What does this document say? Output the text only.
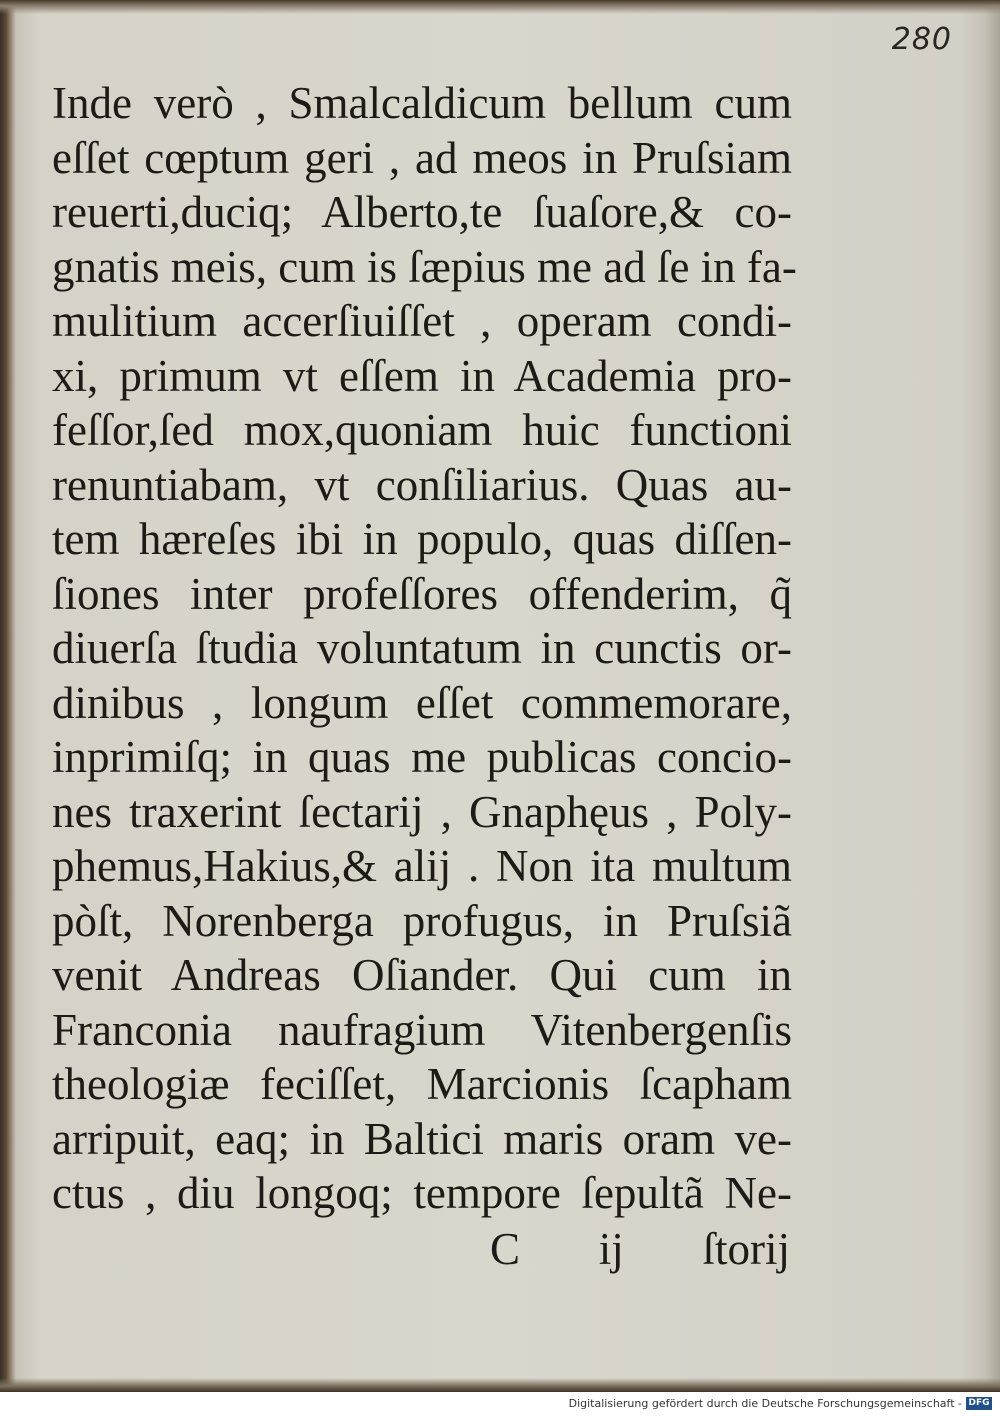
280
Inde verò , Smalcaldicum bellum cum
eſſet cœptum geri , ad meos in Pruſsiam
reuerti,duciq; Alberto,te ſuaſore,& co-
gnatis meis, cum is ſæpius me ad ſe in fa-
mulitium accerſiuiſſet , operam condi-
xi, primum vt eſſem in Academia pro-
feſſor,ſed mox,quoniam huic functioni
renuntiabam, vt conſiliarius. Quas au-
tem hæreſes ibi in populo, quas diſſen-
ſiones inter profeſſores offenderim, q̃
diuerſa ſtudia voluntatum in cunctis or-
dinibus , longum eſſet commemorare,
inprimiſq; in quas me publicas concio-
nes traxerint ſectarij , Gnaphęus , Poly-
phemus,Hakius,& alij . Non ita multum
pòſt, Norenberga profugus, in Pruſsiã
venit Andreas Oſiander. Qui cum in
Franconia naufragium Vitenbergenſis
theologiæ feciſſet, Marcionis ſcapham
arripuit, eaq; in Baltici maris oram ve-
ctus , diu longoq; tempore ſepultã Ne-
C ij ſtorij
Digitalisierung gefördert durch die Deutsche Forschungsgemeinschaft - DFG
